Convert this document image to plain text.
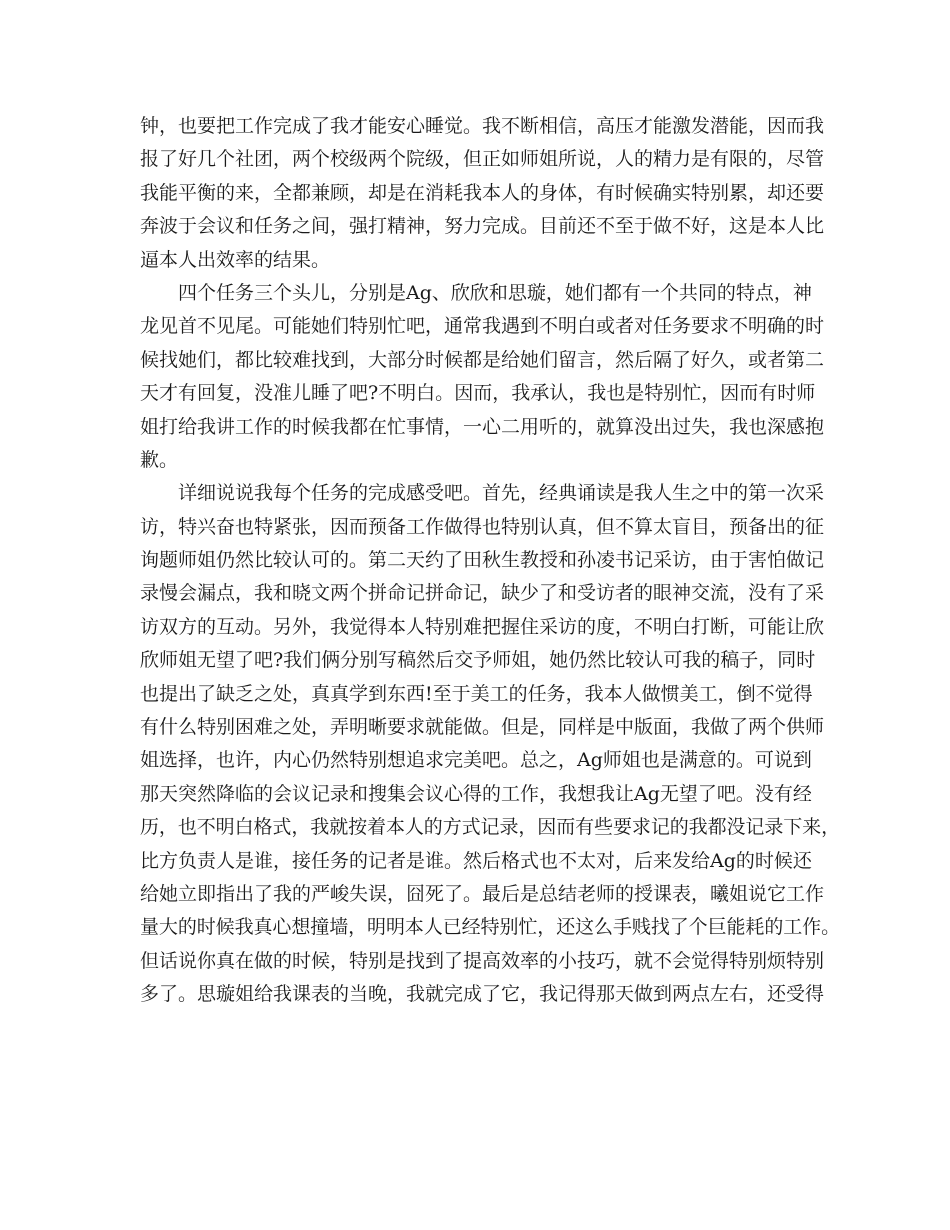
钟，也要把工作完成了我才能安心睡觉。我不断相信，高压才能激发潜能，因而我
报了好几个社团，两个校级两个院级，但正如师姐所说，人的精力是有限的，尽管
我能平衡的来，全都兼顾，却是在消耗我本人的身体，有时候确实特别累，却还要
奔波于会议和任务之间，强打精神，努力完成。目前还不至于做不好，这是本人比
逼本人出效率的结果。
四个任务三个头儿，分别是Ag、欣欣和思璇，她们都有一个共同的特点，神
龙见首不见尾。可能她们特别忙吧，通常我遇到不明白或者对任务要求不明确的时
候找她们，都比较难找到，大部分时候都是给她们留言，然后隔了好久，或者第二
天才有回复，没准儿睡了吧?不明白。因而，我承认，我也是特别忙，因而有时师
姐打给我讲工作的时候我都在忙事情，一心二用听的，就算没出过失，我也深感抱
歉。
详细说说我每个任务的完成感受吧。首先，经典诵读是我人生之中的第一次采
访，特兴奋也特紧张，因而预备工作做得也特别认真，但不算太盲目，预备出的征
询题师姐仍然比较认可的。第二天约了田秋生教授和孙凌书记采访，由于害怕做记
录慢会漏点，我和晓文两个拼命记拼命记，缺少了和受访者的眼神交流，没有了采
访双方的互动。另外，我觉得本人特别难把握住采访的度，不明白打断，可能让欣
欣师姐无望了吧?我们俩分别写稿然后交予师姐，她仍然比较认可我的稿子，同时
也提出了缺乏之处，真真学到东西!至于美工的任务，我本人做惯美工，倒不觉得
有什么特别困难之处，弄明晰要求就能做。但是，同样是中版面，我做了两个供师
姐选择，也许，内心仍然特别想追求完美吧。总之，Ag师姐也是满意的。可说到
那天突然降临的会议记录和搜集会议心得的工作，我想我让Ag无望了吧。没有经
历，也不明白格式，我就按着本人的方式记录，因而有些要求记的我都没记录下来，
比方负责人是谁，接任务的记者是谁。然后格式也不太对，后来发给Ag的时候还
给她立即指出了我的严峻失误，囧死了。最后是总结老师的授课表，曦姐说它工作
量大的时候我真心想撞墙，明明本人已经特别忙，还这么手贱找了个巨能耗的工作。
但话说你真在做的时候，特别是找到了提高效率的小技巧，就不会觉得特别烦特别
多了。思璇姐给我课表的当晚，我就完成了它，我记得那天做到两点左右，还受得
